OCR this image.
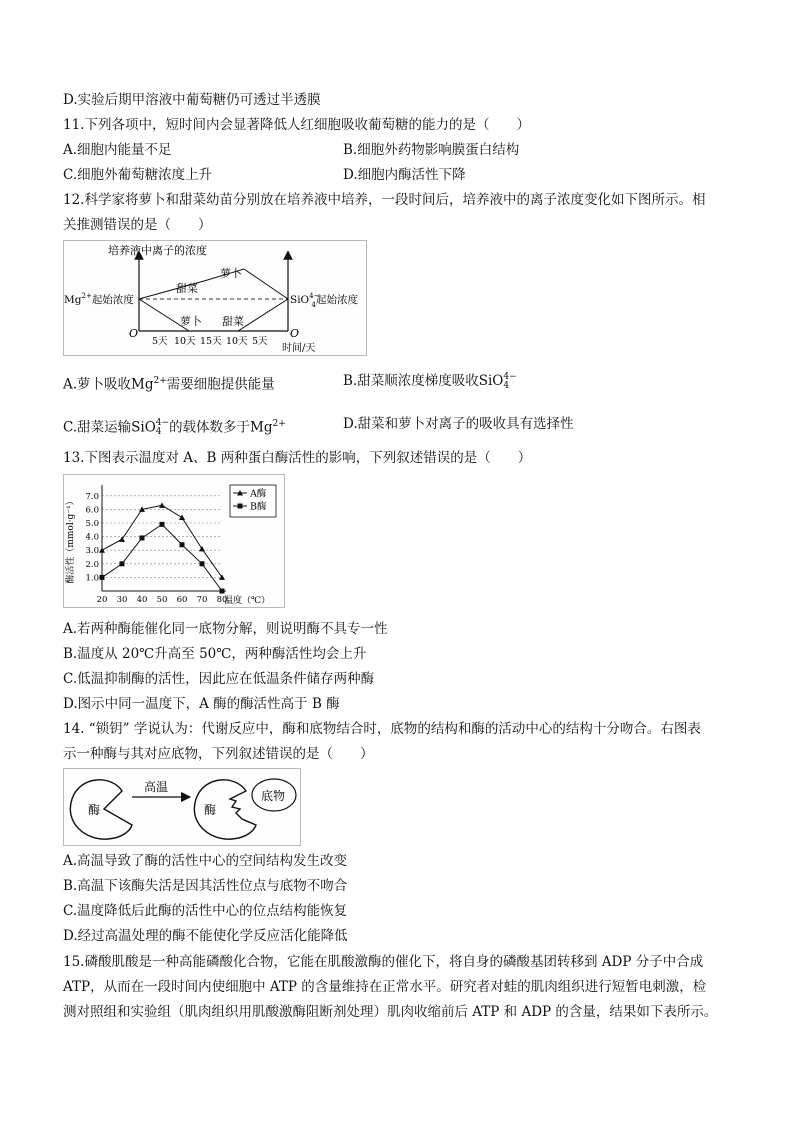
D.实验后期甲溶液中葡萄糖仍可透过半透膜
11.下列各项中，短时间内会显著降低人红细胞吸收葡萄糖的能力的是（　　）
A.细胞内能量不足	B.细胞外药物影响膜蛋白结构
C.细胞外葡萄糖浓度上升	D.细胞内酶活性下降
12.科学家将萝卜和甜菜幼苗分别放在培养液中培养，一段时间后，培养液中的离子浓度变化如下图所示。相
关推测错误的是（　　）
培养液中离子的浓度
$Mg^{2+}$起始浓度	SiO$^{4-}$ 4起始浓度
萝卜
甜菜
萝卜 甜菜
O	O
5天 10天 15天 10天 5天
时间/天
A.萝卜吸收$Mg^{2+}$需要细胞提供能量	B.甜菜顺浓度梯度吸收SiO 4−
4
C.甜菜运输SiO 4−
4 的载体数多于$Mg^{2+}$	D.甜菜和萝卜对离子的吸收具有选择性
13.下图表示温度对 A、B 两种蛋白酶活性的影响，下列叙述错误的是（　　）
1.0
2.0
3.0
4.0
5.0
6.0
7.0
20 30 40 50 60 70 80
温度（℃）
酶活性（mmol·g⁻¹）
A酶
B酶
A.若两种酶能催化同一底物分解，则说明酶不具专一性
B.温度从 20℃升高至 50℃，两种酶活性均会上升
C.低温抑制酶的活性，因此应在低温条件储存两种酶
D.图示中同一温度下，A 酶的酶活性高于 B 酶
14. “锁钥” 学说认为：代谢反应中，酶和底物结合时，底物的结构和酶的活动中心的结构十分吻合。右图表
示一种酶与其对应底物，下列叙述错误的是（　　）
酶
高温
酶
底物
A.高温导致了酶的活性中心的空间结构发生改变
B.高温下该酶失活是因其活性位点与底物不吻合
C.温度降低后此酶的活性中心的位点结构能恢复
D.经过高温处理的酶不能使化学反应活化能降低
15.磷酸肌酸是一种高能磷酸化合物，它能在肌酸激酶的催化下，将自身的磷酸基团转移到 ADP 分子中合成
ATP，从而在一段时间内使细胞中 ATP 的含量维持在正常水平。研究者对蛙的肌肉组织进行短暂电刺激，检
测对照组和实验组（肌肉组织用肌酸激酶阻断剂处理）肌肉收缩前后 ATP 和 ADP 的含量，结果如下表所示。
